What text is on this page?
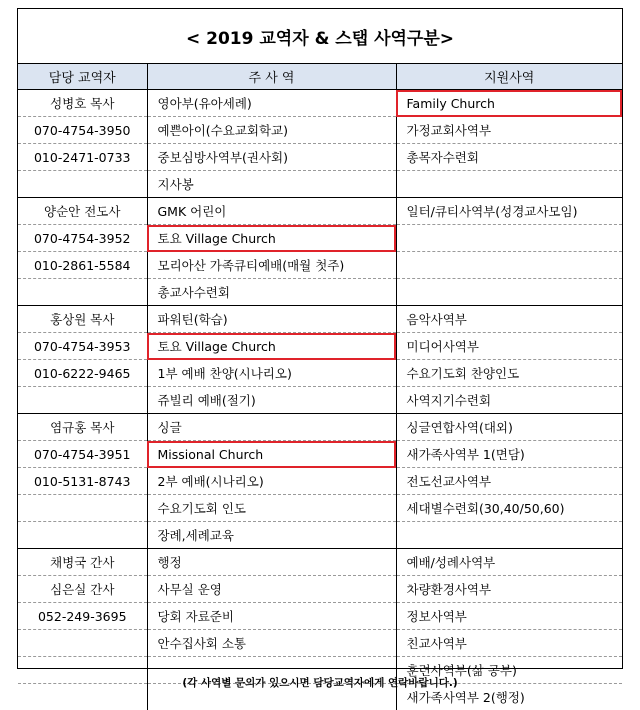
< 2019 교역자 & 스탭 사역구분>
담당 교역자	주 사 역	지원사역
성병호 목사	영아부(유아세례)	Family Church
070-4754-3950	예쁜아이(수요교회학교)	가정교회사역부
010-2471-0733	중보심방사역부(권사회)	총목자수련회
	지사봉	
양순안 전도사	GMK 어린이	일터/큐티사역부(성경교사모임)
070-4754-3952	토요 Village Church	
010-2861-5584	모리아산 가족큐티예배(매월 첫주)	
	총교사수련회	
홍상원 목사	파워틴(학습)	음악사역부
070-4754-3953	토요 Village Church	미디어사역부
010-6222-9465	1부 예배 찬양(시나리오)	수요기도회 찬양인도
	쥬빌리 예배(절기)	사역지기수련회
염규홍 목사	싱글	싱글연합사역(대외)
070-4754-3951	Missional Church	새가족사역부 1(면담)
010-5131-8743	2부 예배(시나리오)	전도선교사역부
	수요기도회 인도	세대별수련회(30,40/50,60)
	장례,세례교육	
채병국 간사	행정	예배/성례사역부
심은실 간사	사무실 운영	차량환경사역부
052-249-3695	당회 자료준비	정보사역부
	안수집사회 소통	친교사역부
		훈련사역부(삶 공부)
		새가족사역부 2(행정)
(각 사역별 문의가 있으시면 담당교역자에게 연락바랍니다.)
